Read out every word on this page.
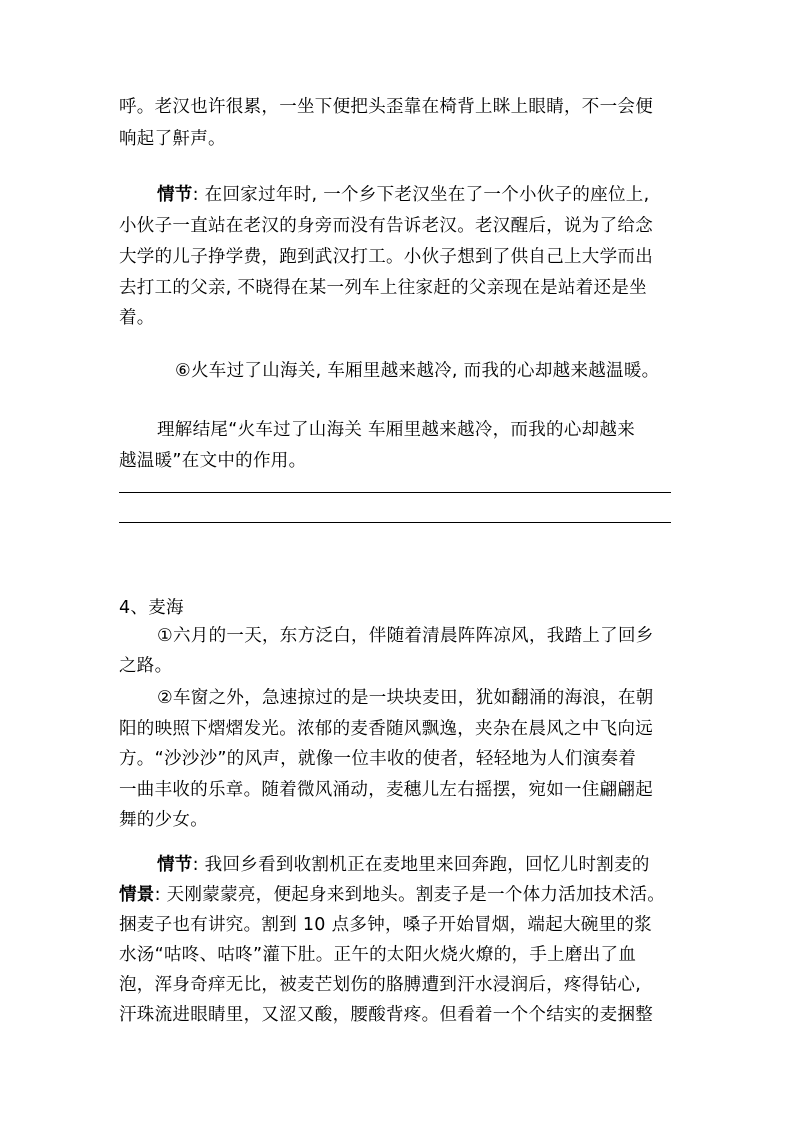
呼。老汉也许很累，一坐下便把头歪靠在椅背上眯上眼睛，不一会便
响起了鼾声。
情节: 在回家过年时, 一个乡下老汉坐在了一个小伙子的座位上,
小伙子一直站在老汉的身旁而没有告诉老汉。老汉醒后，说为了给念
大学的儿子挣学费，跑到武汉打工。小伙子想到了供自己上大学而出
去打工的父亲, 不晓得在某一列车上往家赶的父亲现在是站着还是坐
着。
⑥火车过了山海关, 车厢里越来越冷, 而我的心却越来越温暖。
理解结尾“火车过了山海关 车厢里越来越冷，而我的心却越来
越温暖”在文中的作用。
4、麦海
①六月的一天，东方泛白，伴随着清晨阵阵凉风，我踏上了回乡
之路。
②车窗之外，急速掠过的是一块块麦田，犹如翻涌的海浪，在朝
阳的映照下熠熠发光。浓郁的麦香随风飘逸，夹杂在晨风之中飞向远
方。“沙沙沙”的风声，就像一位丰收的使者，轻轻地为人们演奏着
一曲丰收的乐章。随着微风涌动，麦穗儿左右摇摆，宛如一住翩翩起
舞的少女。
情节: 我回乡看到收割机正在麦地里来回奔跑，回忆儿时割麦的
情景: 天刚蒙蒙亮，便起身来到地头。割麦子是一个体力活加技术活。
捆麦子也有讲究。割到 10 点多钟，嗓子开始冒烟，端起大碗里的浆
水汤“咕咚、咕咚”灌下肚。正午的太阳火烧火燎的，手上磨出了血
泡，浑身奇痒无比，被麦芒划伤的胳膊遭到汗水浸润后，疼得钻心,
汗珠流进眼睛里，又涩又酸，腰酸背疼。但看着一个个结实的麦捆整
